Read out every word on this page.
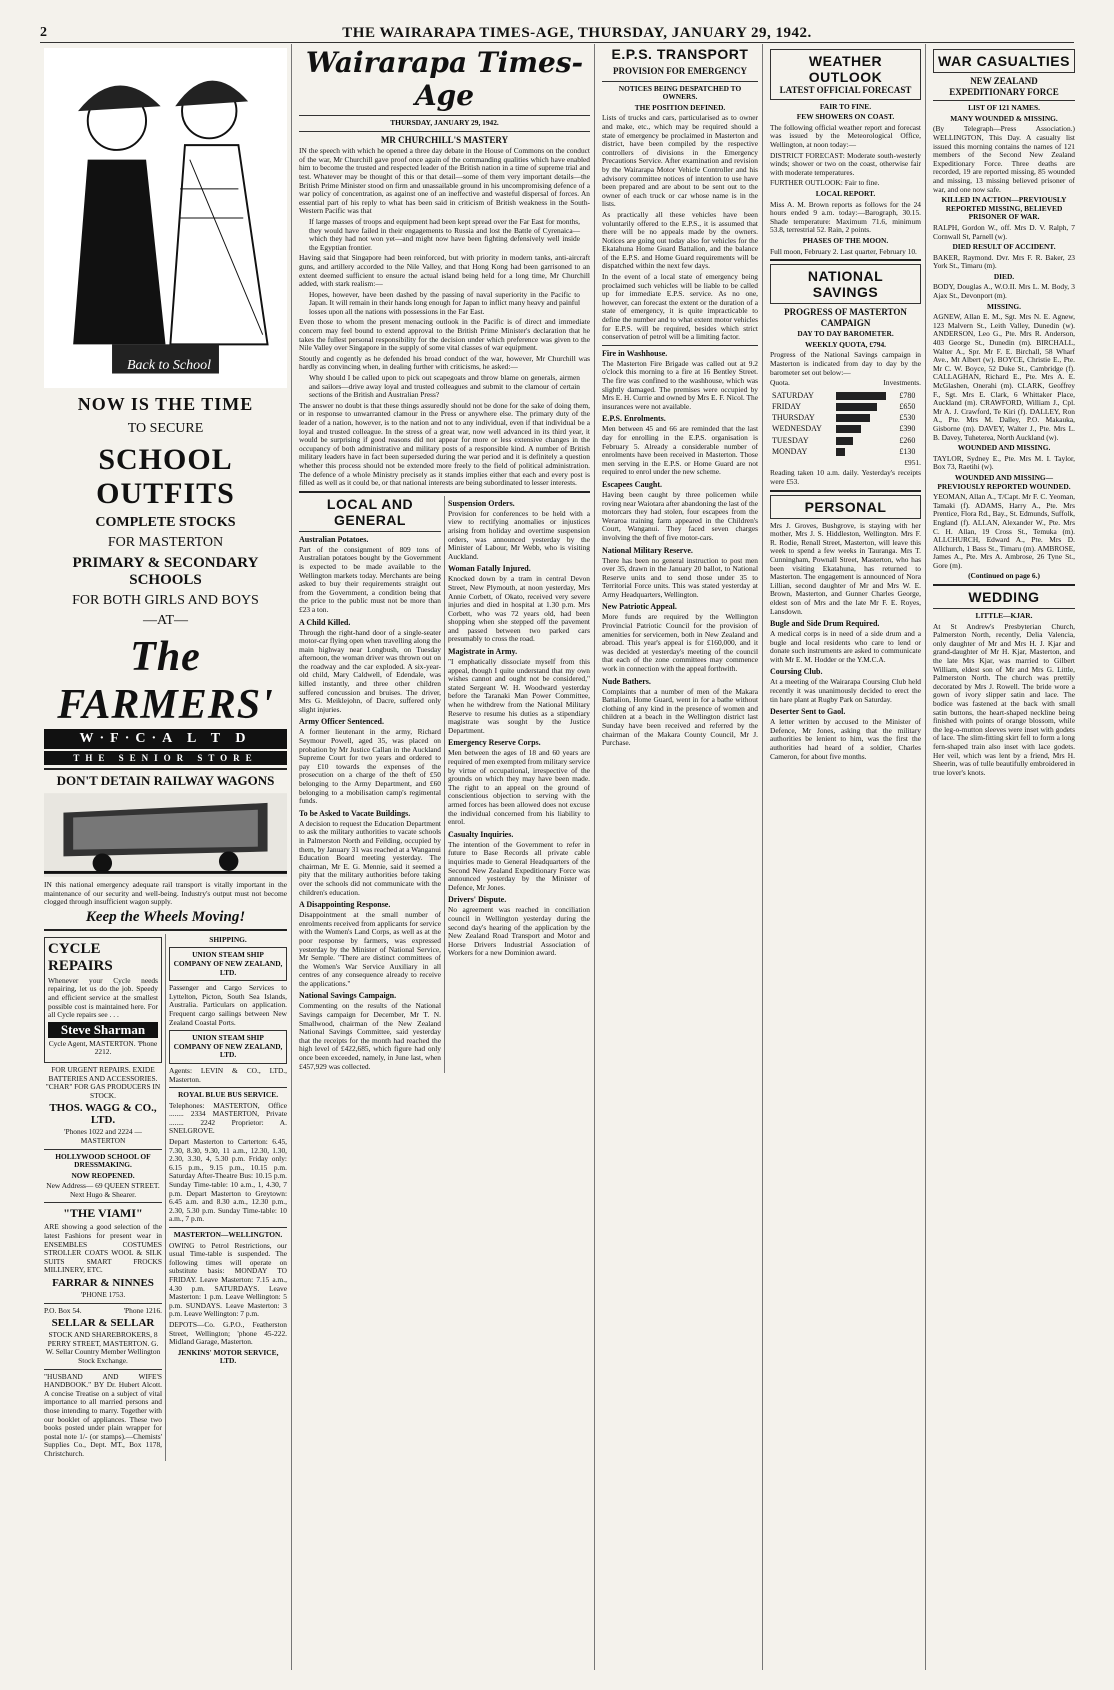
2	THE WAIRARAPA TIMES-AGE, THURSDAY, JANUARY 29, 1942.
Back to School
NOW IS THE TIME
TO SECURE
SCHOOL OUTFITS
COMPLETE STOCKS
FOR MASTERTON
PRIMARY & SECONDARY SCHOOLS
FOR BOTH GIRLS AND BOYS
—AT—
The FARMERS'
W·F·C·A L T D
THE SENIOR STORE
DON'T DETAIN RAILWAY WAGONS
IN this national emergency adequate rail transport is vitally important in the maintenance of our security and well-being. Industry's output must not become clogged through insufficient wagon supply.
Keep the Wheels Moving!
CYCLE REPAIRS
Whenever your Cycle needs repairing, let us do the job. Speedy and efficient service at the smallest possible cost is maintained here. For all Cycle repairs see . . .
Steve Sharman
Cycle Agent, MASTERTON. 'Phone 2212.
FOR URGENT REPAIRS. EXIDE BATTERIES AND ACCESSORIES. "CHAR" FOR GAS PRODUCERS IN STOCK.
THOS. WAGG & CO., LTD.
'Phones 1022 and 2224 — MASTERTON
HOLLYWOOD SCHOOL OF DRESSMAKING.
NOW REOPENED.
New Address— 69 QUEEN STREET. Next Hugo & Shearer.
"THE VIAMI"
ARE showing a good selection of the latest Fashions for present wear in ENSEMBLES COSTUMES STROLLER COATS WOOL & SILK SUITS SMART FROCKS MILLINERY, ETC.
FARRAR & NINNES
'PHONE 1753.
P.O. Box 54.	'Phone 1216.
SELLAR & SELLAR
STOCK AND SHAREBROKERS, 8 PERRY STREET, MASTERTON. G. W. Sellar Country Member Wellington Stock Exchange.
"HUSBAND AND WIFE'S HANDBOOK." BY Dr. Hubert Alcott. A concise Treatise on a subject of vital importance to all married persons and those intending to marry. Together with our booklet of appliances. These two books posted under plain wrapper for postal note 1/- (or stamps).—Chemists' Supplies Co., Dept. MT., Box 1178, Christchurch.
SHIPPING.
UNION STEAM SHIP COMPANY OF NEW ZEALAND, LTD.
Passenger and Cargo Services to Lyttelton, Picton, South Sea Islands, Australia. Particulars on application. Frequent cargo sailings between New Zealand Coastal Ports.
UNION STEAM SHIP COMPANY OF NEW ZEALAND, LTD.
Agents: LEVIN & CO., LTD., Masterton.
ROYAL BLUE BUS SERVICE.
Telephones: MASTERTON, Office ........ 2334 MASTERTON, Private ........ 2242 Proprietor: A. SNELGROVE.
Depart Masterton to Carterton: 6.45, 7.30, 8.30, 9.30, 11 a.m., 12.30, 1.30, 2.30, 3.30, 4, 5.30 p.m. Friday only: 6.15 p.m., 9.15 p.m., 10.15 p.m. Saturday After-Theatre Bus: 10.15 p.m. Sunday Time-table: 10 a.m., 1, 4.30, 7 p.m. Depart Masterton to Greytown: 6.45 a.m. and 8.30 a.m., 12.30 p.m., 2.30, 5.30 p.m. Sunday Time-table: 10 a.m., 7 p.m.
MASTERTON—WELLINGTON.
OWING to Petrol Restrictions, our usual Time-table is suspended. The following times will operate on substitute basis: MONDAY TO FRIDAY. Leave Masterton: 7.15 a.m., 4.30 p.m. SATURDAYS. Leave Masterton: 1 p.m. Leave Wellington: 5 p.m. SUNDAYS. Leave Masterton: 3 p.m. Leave Wellington: 7 p.m.
DEPOTS—Co. G.P.O., Featherston Street, Wellington; 'phone 45-222. Midland Garage, Masterton.
JENKINS' MOTOR SERVICE, LTD.
Wairarapa Times-Age
THURSDAY, JANUARY 29, 1942.
MR CHURCHILL'S MASTERY
IN the speech with which he opened a three day debate in the House of Commons on the conduct of the war, Mr Churchill gave proof once again of the commanding qualities which have enabled him to become the trusted and respected leader of the British nation in a time of supreme trial and test. Whatever may be thought of this or that detail—some of them very important details—the British Prime Minister stood on firm and unassailable ground in his uncompromising defence of a war policy of concentration, as against one of an ineffective and wasteful dispersal of forces. An essential part of his reply to what has been said in criticism of British weakness in the South-Western Pacific was that
If large masses of troops and equipment had been kept spread over the Far East for months, they would have failed in their engagements to Russia and lost the Battle of Cyrenaica—which they had not won yet—and might now have been fighting defensively well inside the Egyptian frontier.
Having said that Singapore had been reinforced, but with priority in modern tanks, anti-aircraft guns, and artillery accorded to the Nile Valley, and that Hong Kong had been garrisoned to an extent deemed sufficient to ensure the actual island being held for a long time, Mr Churchill added, with stark realism:—
Hopes, however, have been dashed by the passing of naval superiority in the Pacific to Japan. It will remain in their hands long enough for Japan to inflict many heavy and painful losses upon all the nations with possessions in the Far East.
Even those to whom the present menacing outlook in the Pacific is of direct and immediate concern may feel bound to extend approval to the British Prime Minister's declaration that he takes the fullest personal responsibility for the decision under which preference was given to the Nile Valley over Singapore in the supply of some vital classes of war equipment.
Stoutly and cogently as he defended his broad conduct of the war, however, Mr Churchill was hardly as convincing when, in dealing further with criticisms, he asked:—
Why should I be called upon to pick out scapegoats and throw blame on generals, airmen and sailors—drive away loyal and trusted colleagues and submit to the clamour of certain sections of the British and Australian Press?
The answer no doubt is that these things assuredly should not be done for the sake of doing them, or in response to unwarranted clamour in the Press or anywhere else. The primary duty of the leader of a nation, however, is to the nation and not to any individual, even if that individual be a loyal and trusted colleague. In the stress of a great war, now well advanced in its third year, it would be surprising if good reasons did not appear for more or less extensive changes in the occupancy of both administrative and military posts of a responsible kind. A number of British military leaders have in fact been superseded during the war period and it is definitely a question whether this process should not be extended more freely to the field of political administration. The defence of a whole Ministry precisely as it stands implies either that each and every post is filled as well as it could be, or that national interests are being subordinated to lesser interests.
LOCAL AND GENERAL
Australian Potatoes.
Part of the consignment of 809 tons of Australian potatoes bought by the Government is expected to be made available to the Wellington markets today. Merchants are being asked to buy their requirements straight out from the Government, a condition being that the price to the public must not be more than £23 a ton.
A Child Killed.
Through the right-hand door of a single-seater motor-car flying open when travelling along the main highway near Longbush, on Tuesday afternoon, the woman driver was thrown out on the roadway and the car exploded. A six-year-old child, Mary Caldwell, of Edendale, was killed instantly, and three other children suffered concussion and bruises. The driver, Mrs G. Meiklejohn, of Dacre, suffered only slight injuries.
Army Officer Sentenced.
A former lieutenant in the army, Richard Seymour Powell, aged 35, was placed on probation by Mr Justice Callan in the Auckland Supreme Court for two years and ordered to pay £10 towards the expenses of the prosecution on a charge of the theft of £50 belonging to the Army Department, and £60 belonging to a mobilisation camp's regimental funds.
To be Asked to Vacate Buildings.
A decision to request the Education Department to ask the military authorities to vacate schools in Palmerston North and Feilding, occupied by them, by January 31 was reached at a Wanganui Education Board meeting yesterday. The chairman, Mr E. G. Mennie, said it seemed a pity that the military authorities before taking over the schools did not communicate with the children's education.
A Disappointing Response.
Disappointment at the small number of enrolments received from applicants for service with the Women's Land Corps, as well as at the poor response by farmers, was expressed yesterday by the Minister of National Service, Mr Semple. "There are distinct committees of the Women's War Service Auxiliary in all centres of any consequence already to receive the applications."
National Savings Campaign.
Commenting on the results of the National Savings campaign for December, Mr T. N. Smallwood, chairman of the New Zealand National Savings Committee, said yesterday that the receipts for the month had reached the high level of £422,685, which figure had only once been exceeded, namely, in June last, when £457,929 was collected.
Suspension Orders.
Provision for conferences to be held with a view to rectifying anomalies or injustices arising from holiday and overtime suspension orders, was announced yesterday by the Minister of Labour, Mr Webb, who is visiting Auckland.
Woman Fatally Injured.
Knocked down by a tram in central Devon Street, New Plymouth, at noon yesterday, Mrs Annie Corbett, of Okato, received very severe injuries and died in hospital at 1.30 p.m. Mrs Corbett, who was 72 years old, had been shopping when she stepped off the pavement and passed between two parked cars presumably to cross the road.
Magistrate in Army.
"I emphatically dissociate myself from this appeal, though I quite understand that my own wishes cannot and ought not be considered," stated Sergeant W. H. Woodward yesterday before the Taranaki Man Power Committee, when he withdrew from the National Military Reserve to resume his duties as a stipendiary magistrate was sought by the Justice Department.
Emergency Reserve Corps.
Men between the ages of 18 and 60 years are required of men exempted from military service by virtue of occupational, irrespective of the grounds on which they may have been made. The right to an appeal on the ground of conscientious objection to serving with the armed forces has been allowed does not excuse the individual concerned from his liability to enrol.
Casualty Inquiries.
The intention of the Government to refer in future to Base Records all private cable inquiries made to General Headquarters of the Second New Zealand Expeditionary Force was announced yesterday by the Minister of Defence, Mr Jones.
Drivers' Dispute.
No agreement was reached in conciliation council in Wellington yesterday during the second day's hearing of the application by the New Zealand Road Transport and Motor and Horse Drivers Industrial Association of Workers for a new Dominion award.
E.P.S. TRANSPORT
PROVISION FOR EMERGENCY
NOTICES BEING DESPATCHED TO OWNERS.
THE POSITION DEFINED.
Lists of trucks and cars, particularised as to owner and make, etc., which may be required should a state of emergency be proclaimed in Masterton and district, have been compiled by the respective controllers of divisions in the Emergency Precautions Service. After examination and revision by the Wairarapa Motor Vehicle Controller and his advisory committee notices of intention to use have been prepared and are about to be sent out to the owner of each truck or car whose name is in the lists.
As practically all these vehicles have been voluntarily offered to the E.P.S., it is assumed that there will be no appeals made by the owners. Notices are going out today also for vehicles for the Ekatahuna Home Guard Battalion, and the balance of the E.P.S. and Home Guard requirements will be dispatched within the next few days.
In the event of a local state of emergency being proclaimed such vehicles will be liable to be called up for immediate E.P.S. service. As no one, however, can forecast the extent or the duration of a state of emergency, it is quite impracticable to define the number and to what extent motor vehicles for E.P.S. will be required, besides which strict conservation of petrol will be a limiting factor.
Fire in Washhouse.
The Masterton Fire Brigade was called out at 9.2 o'clock this morning to a fire at 16 Bentley Street. The fire was confined to the washhouse, which was slightly damaged. The premises were occupied by Mrs E. H. Currie and owned by Mrs E. F. Nicol. The insurances were not available.
E.P.S. Enrolments.
Men between 45 and 66 are reminded that the last day for enrolling in the E.P.S. organisation is February 5. Already a considerable number of enrolments have been received in Masterton. Those men serving in the E.P.S. or Home Guard are not required to enrol under the new scheme.
Escapees Caught.
Having been caught by three policemen while roving near Waiotara after abandoning the last of the motorcars they had stolen, four escapees from the Weraroa training farm appeared in the Children's Court, Wanganui. They faced seven charges involving the theft of five motor-cars.
National Military Reserve.
There has been no general instruction to post men over 35, drawn in the January 20 ballot, to National Reserve units and to send those under 35 to Territorial Force units. This was stated yesterday at Army Headquarters, Wellington.
New Patriotic Appeal.
More funds are required by the Wellington Provincial Patriotic Council for the provision of amenities for servicemen, both in New Zealand and abroad. This year's appeal is for £160,000, and it was decided at yesterday's meeting of the council that each of the zone committees may commence work in connection with the appeal forthwith.
Nude Bathers.
Complaints that a number of men of the Makara Battalion, Home Guard, went in for a bathe without clothing of any kind in the presence of women and children at a beach in the Wellington district last Sunday have been received and referred by the chairman of the Makara County Council, Mr J. Purchase.
WEATHER OUTLOOK
LATEST OFFICIAL FORECAST
FAIR TO FINE.
FEW SHOWERS ON COAST.
The following official weather report and forecast was issued by the Meteorological Office, Wellington, at noon today:—
DISTRICT FORECAST: Moderate south-westerly winds; shower or two on the coast, otherwise fair with moderate temperatures.
FURTHER OUTLOOK: Fair to fine.
LOCAL REPORT.
Miss A. M. Brown reports as follows for the 24 hours ended 9 a.m. today:—Barograph, 30.15. Shade temperature: Maximum 71.6, minimum 53.8, terrestrial 52. Rain, 2 points.
PHASES OF THE MOON.
Full moon, February 2. Last quarter, February 10.
NATIONAL SAVINGS
PROGRESS OF MASTERTON CAMPAIGN
DAY TO DAY BAROMETER.
WEEKLY QUOTA, £794.
Progress of the National Savings campaign in Masterton is indicated from day to day by the barometer set out below:—
Quota.	Investments.
SATURDAY		£780
FRIDAY		£650
THURSDAY		£530
WEDNESDAY		£390
TUESDAY		£260
MONDAY		£130
£951.
Reading taken 10 a.m. daily. Yesterday's receipts were £53.
PERSONAL
Mrs J. Groves, Bushgrove, is staying with her mother, Mrs J. S. Hiddleston, Wellington. Mrs F. R. Rodie, Renall Street, Masterton, will leave this week to spend a few weeks in Tauranga. Mrs T. Cunningham, Pownall Street, Masterton, who has been visiting Ekatahuna, has returned to Masterton. The engagement is announced of Nora Lillian, second daughter of Mr and Mrs W. E. Brown, Masterton, and Gunner Charles George, eldest son of Mrs and the late Mr F. E. Royes, Lansdown.
Bugle and Side Drum Required.
A medical corps is in need of a side drum and a bugle and local residents who care to lend or donate such instruments are asked to communicate with Mr E. M. Hodder or the Y.M.C.A.
Coursing Club.
At a meeting of the Wairarapa Coursing Club held recently it was unanimously decided to erect the tin hare plant at Rugby Park on Saturday.
Deserter Sent to Gaol.
A letter written by accused to the Minister of Defence, Mr Jones, asking that the military authorities be lenient to him, was the first the authorities had heard of a soldier, Charles Cameron, for about five months.
WAR CASUALTIES
NEW ZEALAND EXPEDITIONARY FORCE
LIST OF 121 NAMES.
MANY WOUNDED & MISSING.
(By Telegraph—Press Association.) WELLINGTON, This Day. A casualty list issued this morning contains the names of 121 members of the Second New Zealand Expeditionary Force. Three deaths are recorded, 19 are reported missing, 85 wounded and missing, 13 missing believed prisoner of war, and one now safe.
KILLED IN ACTION—PREVIOUSLY REPORTED MISSING, BELIEVED PRISONER OF WAR.
RALPH, Gordon W., off. Mrs D. V. Ralph, 7 Cornwall St, Parnell (w).
DIED RESULT OF ACCIDENT.
BAKER, Raymond. Dvr. Mrs F. R. Baker, 23 York St., Timaru (m).
DIED.
BODY, Douglas A., W.O.II. Mrs L. M. Body, 3 Ajax St., Devonport (m).
MISSING.
AGNEW, Allan E. M., Sgt. Mrs N. E. Agnew, 123 Malvern St., Leith Valley, Dunedin (w). ANDERSON, Leo G., Pte. Mrs R. Anderson, 403 George St., Dunedin (m). BIRCHALL, Walter A., Spr. Mr F. E. Birchall, 58 Wharf Ave., Mt Albert (w). BOYCE, Christie E., Pte. Mr C. W. Boyce, 52 Duke St., Cambridge (f). CALLAGHAN, Richard E., Pte. Mrs A. E. McGlashen, Onerahi (m). CLARK, Geoffrey F., Sgt. Mrs E. Clark, 6 Whittaker Place, Auckland (m). CRAWFORD, William J., Cpl. Mr A. J. Crawford, Te Kiri (f). DALLEY, Ron A., Pte. Mrs M. Dalley, P.O. Makauka, Gisborne (m). DAVEY, Walter J., Pte. Mrs L. B. Davey, Tuheterea, North Auckland (w).
WOUNDED AND MISSING.
TAYLOR, Sydney E., Pte. Mrs M. I. Taylor, Box 73, Raetihi (w).
WOUNDED AND MISSING—PREVIOUSLY REPORTED WOUNDED.
YEOMAN, Allan A., T/Capt. Mr F. C. Yeoman, Tamaki (f). ADAMS, Harry A., Pte. Mrs Prentice, Flora Rd., Bay., St. Edmunds, Suffolk, England (f). ALLAN, Alexander W., Pte. Mrs C. H. Allan, 19 Cross St., Temuka (m). ALLCHURCH, Edward A., Pte. Mrs D. Allchurch, 1 Bass St., Timaru (m). AMBROSE, James A., Pte. Mrs A. Ambrose, 26 Tyne St., Gore (m).
(Continued on page 6.)
WEDDING
LITTLE—KJAR.
At St Andrew's Presbyterian Church, Palmerston North, recently, Delia Valencia, only daughter of Mr and Mrs H. J. Kjar and grand-daughter of Mr H. Kjar, Masterton, and the late Mrs Kjar, was married to Gilbert William, eldest son of Mr and Mrs G. Little, Palmerston North. The church was prettily decorated by Mrs J. Rowell. The bride wore a gown of ivory slipper satin and lace. The bodice was fastened at the back with small satin buttons, the heart-shaped neckline being finished with points of orange blossom, while the leg-o-mutton sleeves were inset with godets of lace. The slim-fitting skirt fell to form a long fern-shaped train also inset with lace godets. Her veil, which was lent by a friend, Mrs H. Sheerin, was of tulle beautifully embroidered in true lover's knots.
